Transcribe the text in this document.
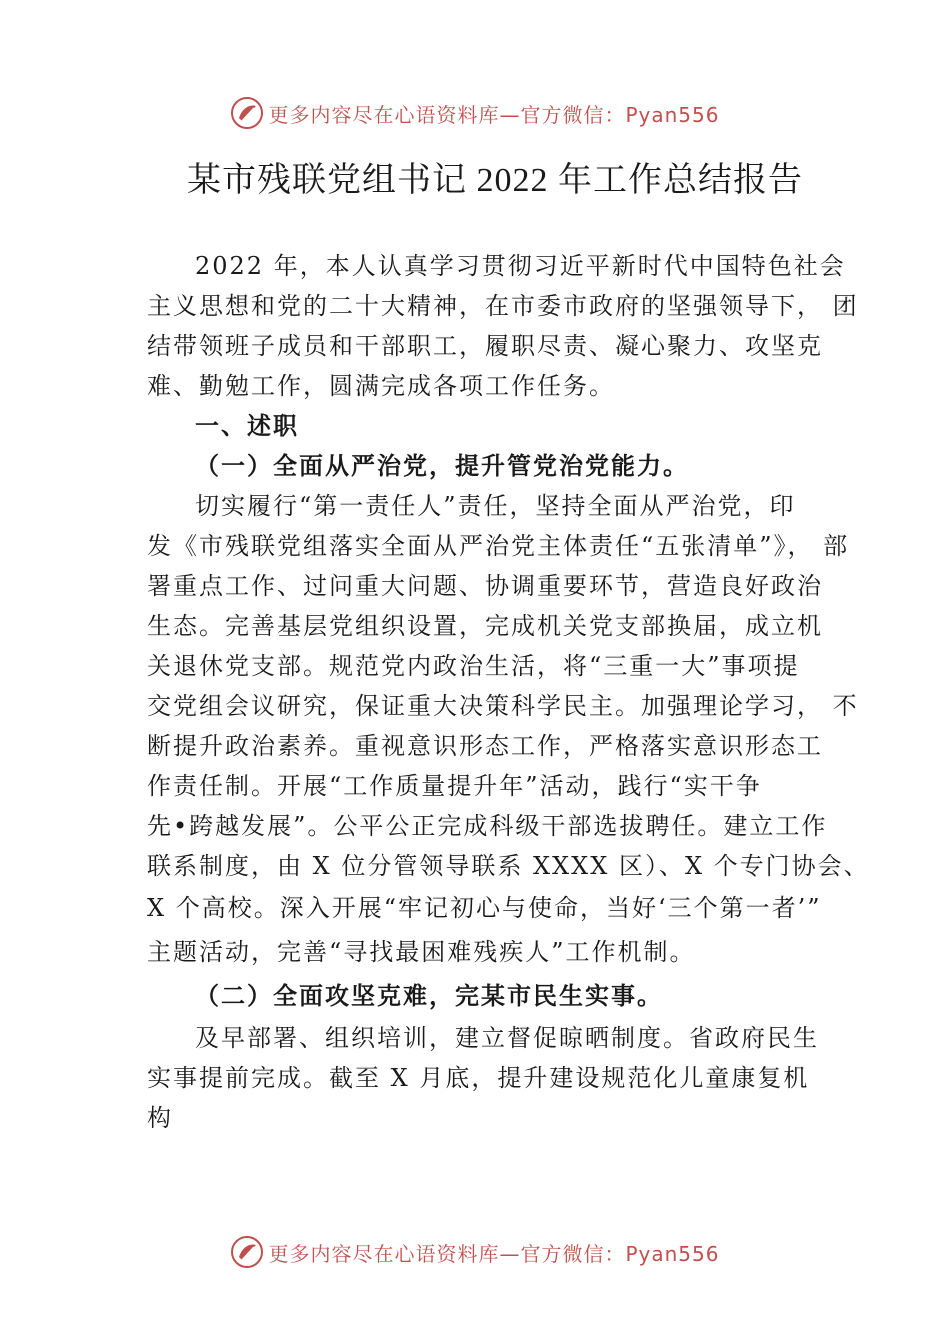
更多内容尽在心语资料库—官方微信：Pyan556
某市残联党组书记 2022 年工作总结报告
2022 年，本人认真学习贯彻习近平新时代中国特色社会
主义思想和党的二十大精神，在市委市政府的坚强领导下， 团
结带领班子成员和干部职工，履职尽责、凝心聚力、攻坚克
难、勤勉工作，圆满完成各项工作任务。
一、述职
（一）全面从严治党，提升管党治党能力。
切实履行“第一责任人”责任，坚持全面从严治党，印
发《市残联党组落实全面从严治党主体责任“五张清单”》， 部
署重点工作、过问重大问题、协调重要环节，营造良好政治
生态。完善基层党组织设置，完成机关党支部换届，成立机
关退休党支部。规范党内政治生活，将“三重一大”事项提
交党组会议研究，保证重大决策科学民主。加强理论学习， 不
断提升政治素养。重视意识形态工作，严格落实意识形态工
作责任制。开展“工作质量提升年”活动，践行“实干争
先•跨越发展”。公平公正完成科级干部选拔聘任。建立工作
联系制度，由 X 位分管领导联系 XXXX 区）、X 个专门协会、
X 个高校。深入开展“牢记初心与使命，当好‘三个第一者’”
主题活动，完善“寻找最困难残疾人”工作机制。
（二）全面攻坚克难，完某市民生实事。
及早部署、组织培训，建立督促晾晒制度。省政府民生
实事提前完成。截至 X 月底，提升建设规范化儿童康复机
构
更多内容尽在心语资料库—官方微信：Pyan556
